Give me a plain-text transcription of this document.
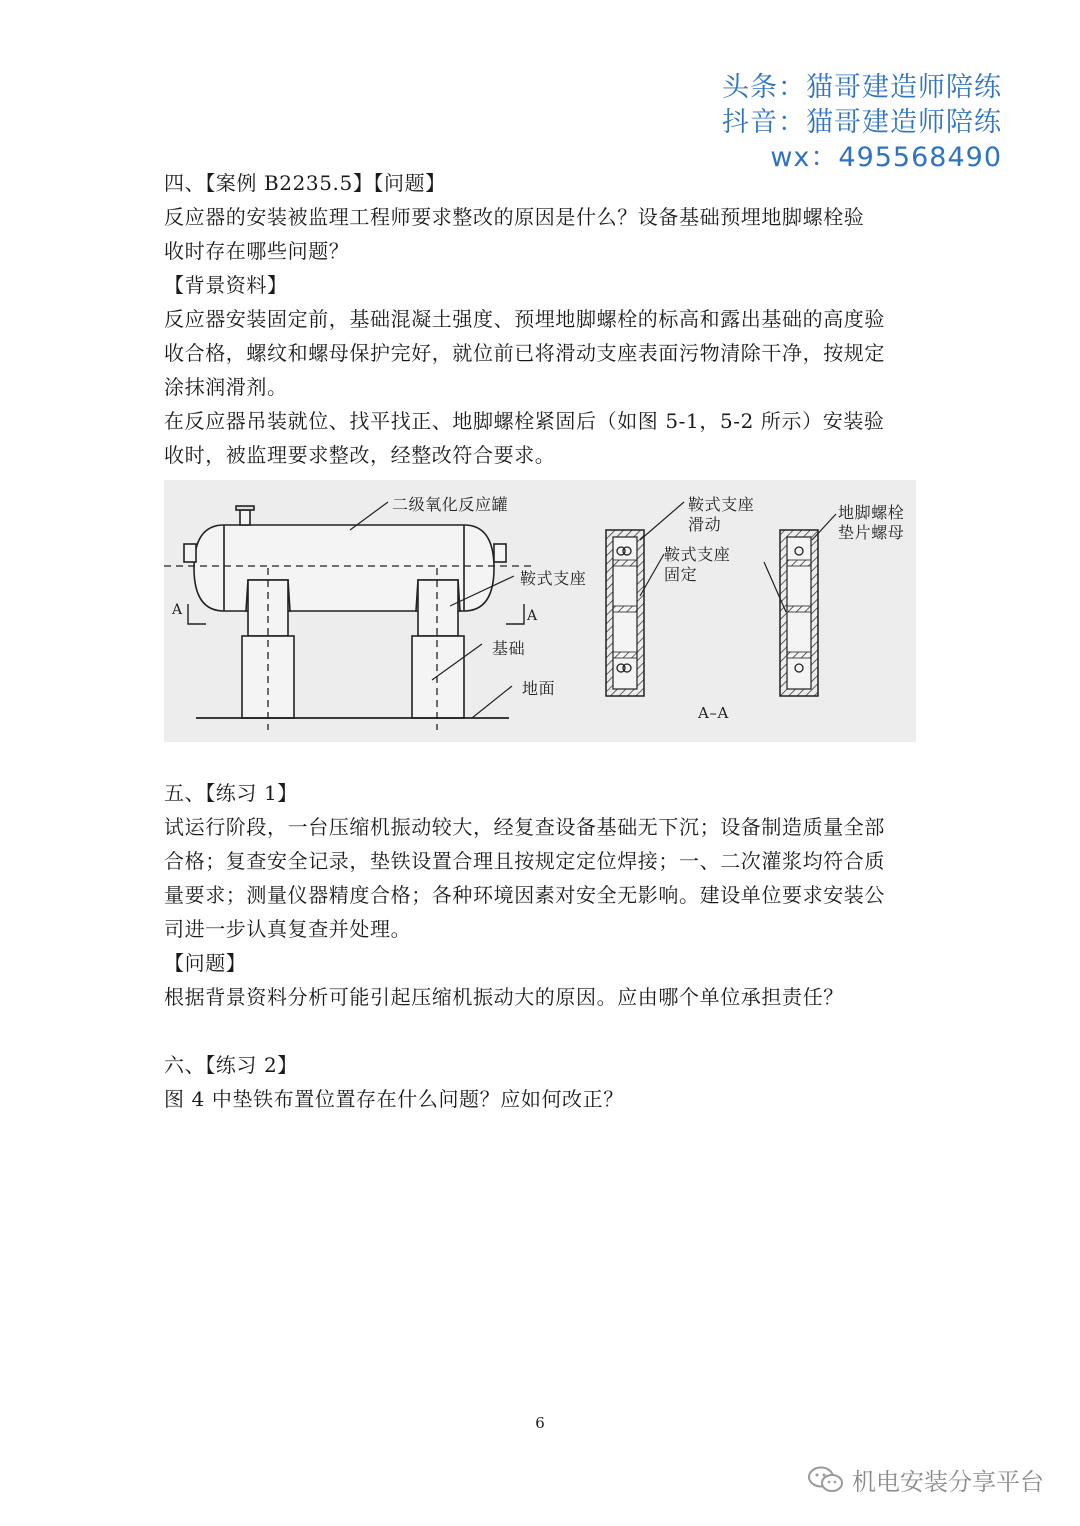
头条：猫哥建造师陪练
抖音：猫哥建造师陪练
wx：495568490

四、【案例 B2235.5】【问题】

反应器的安装被监理工程师要求整改的原因是什么？设备基础预埋地脚螺栓验

收时存在哪些问题？

【背景资料】

反应器安装固定前，基础混凝土强度、预埋地脚螺栓的标高和露出基础的高度验

收合格，螺纹和螺母保护完好，就位前已将滑动支座表面污物清除干净，按规定

涂抹润滑剂。

在反应器吊装就位、找平找正、地脚螺栓紧固后（如图 5-1，5-2 所示）安装验

收时，被监理要求整改，经整改符合要求。

A	A
二级氧化反应罐
鞍式支座
基础
地面
鞍式支座
滑动
鞍式支座
固定
地脚螺栓
垫片螺母
A–A

五、【练习 1】

试运行阶段，一台压缩机振动较大，经复查设备基础无下沉；设备制造质量全部

合格；复查安全记录，垫铁设置合理且按规定定位焊接；一、二次灌浆均符合质

量要求；测量仪器精度合格；各种环境因素对安全无影响。建设单位要求安装公

司进一步认真复查并处理。

【问题】

根据背景资料分析可能引起压缩机振动大的原因。应由哪个单位承担责任？

六、【练习 2】

图 4 中垫铁布置位置存在什么问题？应如何改正？

6
机电安装分享平台
